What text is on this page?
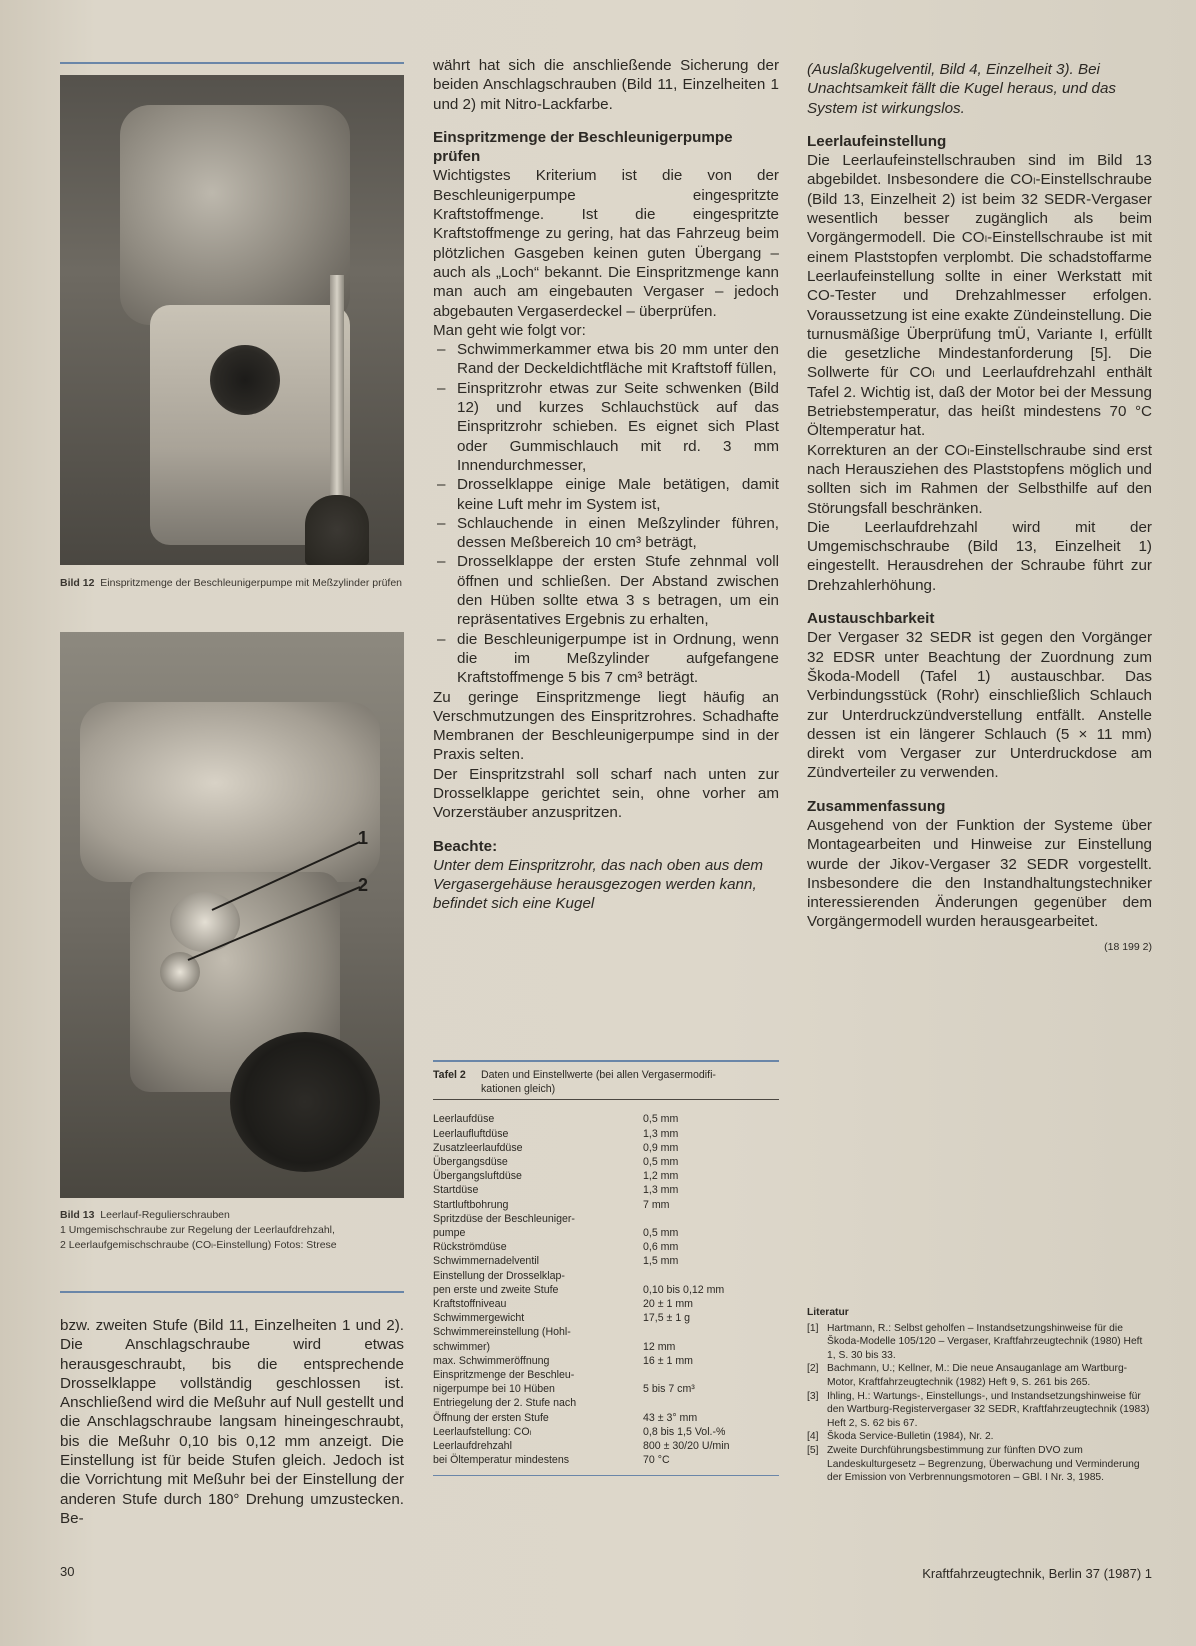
Bild 12 Einspritzmenge der Beschleunigerpumpe mit Meßzylinder prüfen
1
2
Bild 13 Leerlauf-Regulierschrauben
1 Umgemischschraube zur Regelung der Leerlaufdrehzahl,
2 Leerlaufgemischschraube (COₗ-Einstellung) Fotos: Strese

bzw. zweiten Stufe (Bild 11, Einzelheiten 1 und 2). Die Anschlagschraube wird etwas herausgeschraubt, bis die entsprechende Drosselklappe vollständig geschlossen ist. Anschließend wird die Meßuhr auf Null gestellt und die Anschlagschraube langsam hineingeschraubt, bis die Meßuhr 0,10 bis 0,12 mm anzeigt. Die Einstellung ist für beide Stufen gleich. Jedoch ist die Vorrichtung mit Meßuhr bei der Einstellung der anderen Stufe durch 180° Drehung umzustecken. Be-

währt hat sich die anschließende Sicherung der beiden Anschlagschrauben (Bild 11, Einzelheiten 1 und 2) mit Nitro-Lackfarbe.

Einspritzmenge der Beschleunigerpumpe prüfen

Wichtigstes Kriterium ist die von der Beschleunigerpumpe eingespritzte Kraftstoffmenge. Ist die eingespritzte Kraftstoffmenge zu gering, hat das Fahrzeug beim plötzlichen Gasgeben keinen guten Übergang – auch als „Loch“ bekannt. Die Einspritzmenge kann man auch am eingebauten Vergaser – jedoch abgebauten Vergaserdeckel – überprüfen.

Man geht wie folgt vor:

– Schwimmerkammer etwa bis 20 mm unter den Rand der Deckeldichtfläche mit Kraftstoff füllen,
– Einspritzrohr etwas zur Seite schwenken (Bild 12) und kurzes Schlauchstück auf das Einspritzrohr schieben. Es eignet sich Plast oder Gummischlauch mit rd. 3 mm Innendurchmesser,
– Drosselklappe einige Male betätigen, damit keine Luft mehr im System ist,
– Schlauchende in einen Meßzylinder führen, dessen Meßbereich 10 cm³ beträgt,
– Drosselklappe der ersten Stufe zehnmal voll öffnen und schließen. Der Abstand zwischen den Hüben sollte etwa 3 s betragen, um ein repräsentatives Ergebnis zu erhalten,
– die Beschleunigerpumpe ist in Ordnung, wenn die im Meßzylinder aufgefangene Kraftstoffmenge 5 bis 7 cm³ beträgt.

Zu geringe Einspritzmenge liegt häufig an Verschmutzungen des Einspritzrohres. Schadhafte Membranen der Beschleunigerpumpe sind in der Praxis selten.

Der Einspritzstrahl soll scharf nach unten zur Drosselklappe gerichtet sein, ohne vorher am Vorzerstäuber anzuspritzen.

Beachte:

Unter dem Einspritzrohr, das nach oben aus dem Vergasergehäuse herausgezogen werden kann, befindet sich eine Kugel

Tafel 2	Daten und Einstellwerte (bei allen Vergasermodifi-
kationen gleich)
Leerlaufdüse	0,5 mm
Leerlaufluftdüse	1,3 mm
Zusatzleerlaufdüse	0,9 mm
Übergangsdüse	0,5 mm
Übergangsluftdüse	1,2 mm
Startdüse	1,3 mm
Startluftbohrung	7 mm
Spritzdüse der Beschleuniger-
pumpe	0,5 mm
Rückströmdüse	0,6 mm
Schwimmernadelventil	1,5 mm
Einstellung der Drosselklap-
pen erste und zweite Stufe	0,10 bis 0,12 mm
Kraftstoffniveau	20 ± 1 mm
Schwimmergewicht	17,5 ± 1 g
Schwimmereinstellung (Hohl-
schwimmer)	12 mm
max. Schwimmeröffnung	16 ± 1 mm
Einspritzmenge der Beschleu-
nigerpumpe bei 10 Hüben	5 bis 7 cm³
Entriegelung der 2. Stufe nach
Öffnung der ersten Stufe	43 ± 3° mm
Leerlaufstellung: COₗ	0,8 bis 1,5 Vol.-%
Leerlaufdrehzahl	800 ± 30/20 U/min
bei Öltemperatur mindestens	70 °C

(Auslaßkugelventil, Bild 4, Einzelheit 3). Bei Unachtsamkeit fällt die Kugel heraus, und das System ist wirkungslos.

Leerlaufeinstellung

Die Leerlaufeinstellschrauben sind im Bild 13 abgebildet. Insbesondere die COₗ-Einstellschraube (Bild 13, Einzelheit 2) ist beim 32 SEDR-Vergaser wesentlich besser zugänglich als beim Vorgängermodell. Die COₗ-Einstellschraube ist mit einem Plaststopfen verplombt. Die schadstoffarme Leerlaufeinstellung sollte in einer Werkstatt mit CO-Tester und Drehzahlmesser erfolgen. Voraussetzung ist eine exakte Zündeinstellung. Die turnusmäßige Überprüfung tmÜ, Variante I, erfüllt die gesetzliche Mindestanforderung [5]. Die Sollwerte für COₗ und Leerlaufdrehzahl enthält Tafel 2. Wichtig ist, daß der Motor bei der Messung Betriebstemperatur, das heißt mindestens 70 °C Öltemperatur hat.

Korrekturen an der COₗ-Einstellschraube sind erst nach Herausziehen des Plaststopfens möglich und sollten sich im Rahmen der Selbsthilfe auf den Störungsfall beschränken.

Die Leerlaufdrehzahl wird mit der Umgemischschraube (Bild 13, Einzelheit 1) eingestellt. Herausdrehen der Schraube führt zur Drehzahlerhöhung.

Austauschbarkeit

Der Vergaser 32 SEDR ist gegen den Vorgänger 32 EDSR unter Beachtung der Zuordnung zum Škoda-Modell (Tafel 1) austauschbar. Das Verbindungsstück (Rohr) einschließlich Schlauch zur Unterdruckzündverstellung entfällt. Anstelle dessen ist ein längerer Schlauch (5 × 11 mm) direkt vom Vergaser zur Unterdruckdose am Zündverteiler zu verwenden.

Zusammenfassung

Ausgehend von der Funktion der Systeme über Montagearbeiten und Hinweise zur Einstellung wurde der Jikov-Vergaser 32 SEDR vorgestellt. Insbesondere die den Instandhaltungstechniker interessierenden Änderungen gegenüber dem Vorgängermodell wurden herausgearbeitet.

(18 199 2)

Literatur
[1] Hartmann, R.: Selbst geholfen – Instandsetzungshinweise für die Škoda-Modelle 105/120 – Vergaser, Kraftfahrzeugtechnik (1980) Heft 1, S. 30 bis 33.
[2] Bachmann, U.; Kellner, M.: Die neue Ansauganlage am Wartburg-Motor, Kraftfahrzeugtechnik (1982) Heft 9, S. 261 bis 265.
[3] Ihling, H.: Wartungs-, Einstellungs-, und Instandsetzungshinweise für den Wartburg-Registervergaser 32 SEDR, Kraftfahrzeugtechnik (1983) Heft 2, S. 62 bis 67.
[4] Škoda Service-Bulletin (1984), Nr. 2.
[5] Zweite Durchführungsbestimmung zur fünften DVO zum Landeskulturgesetz – Begrenzung, Überwachung und Verminderung der Emission von Verbrennungsmotoren – GBl. I Nr. 3, 1985.
30	Kraftfahrzeugtechnik, Berlin 37 (1987) 1
